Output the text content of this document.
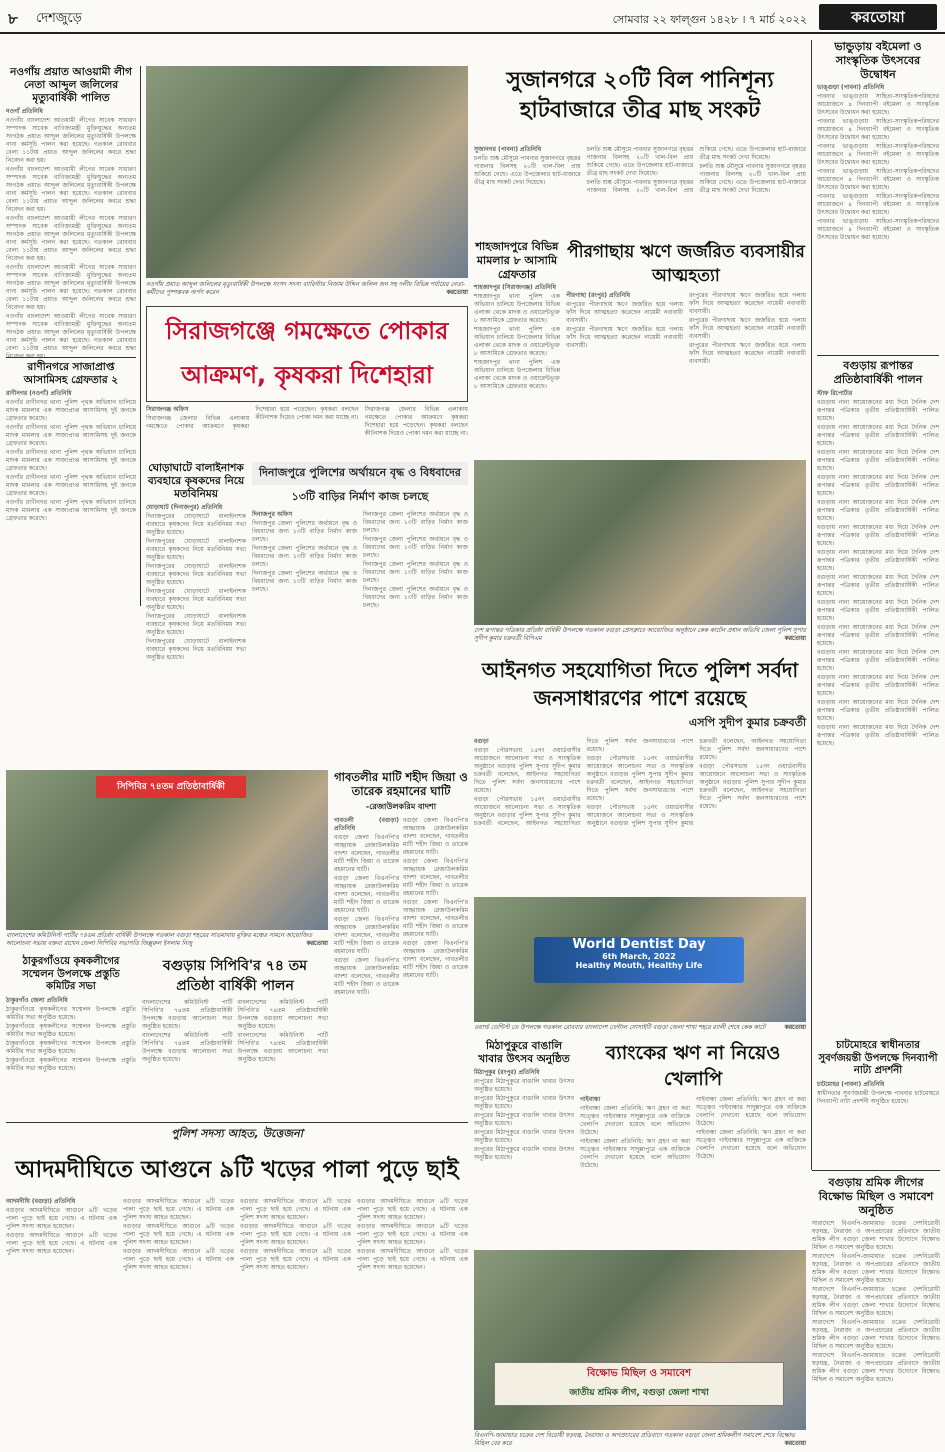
৮ দেশজুড়ে	সোমবার ২২ ফাল্গুন ১৪২৮ । ৭ মার্চ ২০২২	করতোয়া
নওগাঁয় প্রয়াত আওয়ামী লীগ নেতা আব্দুল জলিলের মৃত্যুবার্ষিকী পালিত

নওগাঁ প্রতিনিধি

নওগাঁয় বাংলাদেশ আওয়ামী লীগের সাবেক সাধারণ সম্পাদক সাবেক বাণিজ্যমন্ত্রী মুক্তিযুদ্ধের অন্যতম সংগঠক প্রয়াত আব্দুল জলিলের মৃত্যুবার্ষিকী উপলক্ষে নানা কর্মসূচি পালন করা হয়েছে। গতকাল রোববার বেলা ১১টায় প্রয়াত আব্দুল জলিলের কবরে শ্রদ্ধা নিবেদন করা হয়।

নওগাঁয় বাংলাদেশ আওয়ামী লীগের সাবেক সাধারণ সম্পাদক সাবেক বাণিজ্যমন্ত্রী মুক্তিযুদ্ধের অন্যতম সংগঠক প্রয়াত আব্দুল জলিলের মৃত্যুবার্ষিকী উপলক্ষে নানা কর্মসূচি পালন করা হয়েছে। গতকাল রোববার বেলা ১১টায় প্রয়াত আব্দুল জলিলের কবরে শ্রদ্ধা নিবেদন করা হয়।

নওগাঁয় বাংলাদেশ আওয়ামী লীগের সাবেক সাধারণ সম্পাদক সাবেক বাণিজ্যমন্ত্রী মুক্তিযুদ্ধের অন্যতম সংগঠক প্রয়াত আব্দুল জলিলের মৃত্যুবার্ষিকী উপলক্ষে নানা কর্মসূচি পালন করা হয়েছে। গতকাল রোববার বেলা ১১টায় প্রয়াত আব্দুল জলিলের কবরে শ্রদ্ধা নিবেদন করা হয়।

নওগাঁয় বাংলাদেশ আওয়ামী লীগের সাবেক সাধারণ সম্পাদক সাবেক বাণিজ্যমন্ত্রী মুক্তিযুদ্ধের অন্যতম সংগঠক প্রয়াত আব্দুল জলিলের মৃত্যুবার্ষিকী উপলক্ষে নানা কর্মসূচি পালন করা হয়েছে। গতকাল রোববার বেলা ১১টায় প্রয়াত আব্দুল জলিলের কবরে শ্রদ্ধা নিবেদন করা হয়।

নওগাঁয় বাংলাদেশ আওয়ামী লীগের সাবেক সাধারণ সম্পাদক সাবেক বাণিজ্যমন্ত্রী মুক্তিযুদ্ধের অন্যতম সংগঠক প্রয়াত আব্দুল জলিলের মৃত্যুবার্ষিকী উপলক্ষে নানা কর্মসূচি পালন করা হয়েছে। গতকাল রোববার বেলা ১১টায় প্রয়াত আব্দুল জলিলের কবরে শ্রদ্ধা

রাণীনগরে সাজাপ্রাপ্ত আসামিসহ গ্রেফতার ২

রাণীনগর (নওগাঁ) প্রতিনিধি

নওগাঁর রাণীনগর থানা পুলিশ পৃথক অভিযান চালিয়ে মাদক মামলার এক সাজাপ্রাপ্ত আসামিসহ দুই জনকে গ্রেফতার করেছে।

নওগাঁর রাণীনগর থানা পুলিশ পৃথক অভিযান চালিয়ে মাদক মামলার এক সাজাপ্রাপ্ত আসামিসহ দুই জনকে গ্রেফতার করেছে।

নওগাঁর রাণীনগর থানা পুলিশ পৃথক অভিযান চালিয়ে মাদক মামলার এক সাজাপ্রাপ্ত আসামিসহ দুই জনকে গ্রেফতার করেছে।

নওগাঁর রাণীনগর থানা পুলিশ পৃথক অভিযান চালিয়ে মাদক মামলার এক সাজাপ্রাপ্ত আসামিসহ দুই জনকে গ্রেফতার করেছে।

নওগাঁর রাণীনগর থানা পুলিশ পৃথক অভিযান চালিয়ে মাদক মামলার এক সাজাপ্রাপ্ত আসামিসহ দুই জনকে গ্রেফতার করেছে।

নওগাঁয় প্রয়াত আব্দুল জলিলের মৃত্যুবার্ষিকী উপলক্ষে সংসদ সদস্য ব্যারিস্টার নিজাম উদ্দিন জলিল জন সহ দলীয় বিভিন্ন পর্যায়ের নেতা-কর্মীদের পুষ্পস্তবক অর্পণ করেন	করতোয়া
সুজানগরে ২০টি বিল পানিশূন্য হাটবাজারে তীব্র মাছ সংকট

সুজানগর (পাবনা) প্রতিনিধি

চলতি শুষ্ক মৌসুমে পাবনার সুজানগরে বৃহত্তর গাজনার বিলসহ ২০টি খাল-বিল প্রায় শুকিয়ে গেছে। এতে উপজেলার হাট-বাজারে তীব্র মাছ সংকট দেখা দিয়েছে।

চলতি শুষ্ক মৌসুমে পাবনার সুজানগরে বৃহত্তর গাজনার বিলসহ ২০টি খাল-বিল প্রায় শুকিয়ে গেছে। এতে উপজেলার হাট-বাজারে তীব্র মাছ সংকট দেখা দিয়েছে।

চলতি শুষ্ক মৌসুমে পাবনার সুজানগরে বৃহত্তর গাজনার বিলসহ ২০টি খাল-বিল প্রায় শুকিয়ে গেছে। এতে উপজেলার হাট-বাজারে তীব্র মাছ সংকট দেখা দিয়েছে।

চলতি শুষ্ক মৌসুমে পাবনার সুজানগরে বৃহত্তর গাজনার বিলসহ ২০টি খাল-বিল প্রায় শুকিয়ে গেছে। এতে উপজেলার হাট-বাজারে তীব্র মাছ সংকট দেখা দিয়েছে।

শাহজাদপুরে বিভিন্ন মামলার ৮ আসামি গ্রেফতার

শাহজাদপুর (সিরাজগঞ্জ) প্রতিনিধি

শাহজাদপুর থানা পুলিশ এক অভিযান চালিয়ে উপজেলার বিভিন্ন এলাকা থেকে মাদক ও ওয়ারেন্টভূক্ত ৮ আসামিকে গ্রেফতার করেছে।

শাহজাদপুর থানা পুলিশ এক অভিযান চালিয়ে উপজেলার বিভিন্ন এলাকা থেকে মাদক ও ওয়ারেন্টভূক্ত ৮ আসামিকে গ্রেফতার করেছে।

শাহজাদপুর থানা পুলিশ এক অভিযান চালিয়ে উপজেলার বিভিন্ন এলাকা থেকে মাদক ও ওয়ারেন্টভূক্ত ৮ আসামিকে গ্রেফতার করেছে।

পীরগাছায় ঋণে জর্জরিত ব্যবসায়ীর আত্মহত্যা

পীরগাছা (রংপুর) প্রতিনিধি

রংপুরের পীরগাছায় ঋণে জর্জরিত হয়ে গলায় ফাঁস দিয়ে আত্মহত্যা করেছেন নায়েমী নবাবায়ী ব্যবসায়ী।

রংপুরের পীরগাছায় ঋণে জর্জরিত হয়ে গলায় ফাঁস দিয়ে আত্মহত্যা করেছেন নায়েমী নবাবায়ী ব্যবসায়ী।

রংপুরের পীরগাছায় ঋণে জর্জরিত হয়ে গলায় ফাঁস দিয়ে আত্মহত্যা করেছেন নায়েমী নবাবায়ী ব্যবসায়ী।

রংপুরের পীরগাছায় ঋণে জর্জরিত হয়ে গলায় ফাঁস দিয়ে আত্মহত্যা করেছেন নায়েমী নবাবায়ী ব্যবসায়ী।

রংপুরের পীরগাছায় ঋণে জর্জরিত হয়ে গলায় ফাঁস দিয়ে আত্মহত্যা করেছেন নায়েমী নবাবায়ী ব্যবসায়ী।

সিরাজগঞ্জে গমক্ষেতে পোকার আক্রমণ, কৃষকরা দিশেহারা

সিরাজগঞ্জ অফিস

সিরাজগঞ্জ জেলার বিভিন্ন এলাকায় গমক্ষেতে পোকার আক্রমণে কৃষকরা দিশেহারা হয়ে পড়েছেন। কৃষকরা বলছেন কীটনাশক দিয়েও পোকা দমন করা যাচ্ছে না।

সিরাজগঞ্জ জেলার বিভিন্ন এলাকায় গমক্ষেতে পোকার আক্রমণে কৃষকরা দিশেহারা হয়ে পড়েছেন। কৃষকরা বলছেন কীটনাশক দিয়েও পোকা দমন করা যাচ্ছে না।

ঘোড়াঘাটে বালাইনাশক ব্যবহারে কৃষকদের নিয়ে মতবিনিময়

ঘোড়াঘাট (দিনাজপুর) প্রতিনিধি

দিনাজপুরের ঘোড়াঘাটে বালাইনাশক ব্যবহারে কৃষকদের নিয়ে মতবিনিময় সভা অনুষ্ঠিত হয়েছে।

দিনাজপুরের ঘোড়াঘাটে বালাইনাশক ব্যবহারে কৃষকদের নিয়ে মতবিনিময় সভা অনুষ্ঠিত হয়েছে।

দিনাজপুরের ঘোড়াঘাটে বালাইনাশক ব্যবহারে কৃষকদের নিয়ে মতবিনিময় সভা অনুষ্ঠিত হয়েছে।

দিনাজপুরের ঘোড়াঘাটে বালাইনাশক ব্যবহারে কৃষকদের নিয়ে মতবিনিময় সভা অনুষ্ঠিত হয়েছে।

দিনাজপুরের ঘোড়াঘাটে বালাইনাশক ব্যবহারে কৃষকদের নিয়ে মতবিনিময় সভা অনুষ্ঠিত হয়েছে।

দিনাজপুরের ঘোড়াঘাটে বালাইনাশক ব্যবহারে কৃষকদের নিয়ে মতবিনিময় সভা অনুষ্ঠিত হয়েছে।

দিনাজপুরে পুলিশের অর্থায়নে বৃদ্ধ ও বিধবাদের
১৩টি বাড়ির নির্মাণ কাজ চলছে

দিনাজপুর অফিস

দিনাজপুর জেলা পুলিশের অর্থায়নে বৃদ্ধ ও বিধবাদের জন্য ১৩টি বাড়ির নির্মাণ কাজ চলছে।

দিনাজপুর জেলা পুলিশের অর্থায়নে বৃদ্ধ ও বিধবাদের জন্য ১৩টি বাড়ির নির্মাণ কাজ চলছে।

দিনাজপুর জেলা পুলিশের অর্থায়নে বৃদ্ধ ও বিধবাদের জন্য ১৩টি বাড়ির নির্মাণ কাজ চলছে।

দিনাজপুর জেলা পুলিশের অর্থায়নে বৃদ্ধ ও বিধবাদের জন্য ১৩টি বাড়ির নির্মাণ কাজ চলছে।

দিনাজপুর জেলা পুলিশের অর্থায়নে বৃদ্ধ ও বিধবাদের জন্য ১৩টি বাড়ির নির্মাণ কাজ চলছে।

দিনাজপুর জেলা পুলিশের অর্থায়নে বৃদ্ধ ও বিধবাদের জন্য ১৩টি বাড়ির নির্মাণ কাজ চলছে।

দিনাজপুর জেলা পুলিশের অর্থায়নে বৃদ্ধ ও বিধবাদের জন্য ১৩টি বাড়ির নির্মাণ কাজ চলছে।

দেশ রূপান্তর পত্রিকার প্রতিষ্ঠা বার্ষিকী উপলক্ষে গতকাল বগুড়া প্রেসক্লাবে আয়োজিত অনুষ্ঠানে কেক কাটেন প্রধান অতিথি জেলা পুলিশ সুপার সুদীপ কুমার চক্রবর্তী বিপিএম	করতোয়া
ভান্ডুড়ায় বইমেলা ও সাংস্কৃতিক উৎসবের উদ্বোধন

ভাঙ্গুড়া (পাবনা) প্রতিনিধি

পাবনার ভাঙ্গুড়ায় সাহিত্য-সাংস্কৃতিকপরিষদের আয়োজনে ৪ দিনব্যাপী বইমেলা ও সাংস্কৃতিক উৎসবের উদ্বোধন করা হয়েছে।

পাবনার ভাঙ্গুড়ায় সাহিত্য-সাংস্কৃতিকপরিষদের আয়োজনে ৪ দিনব্যাপী বইমেলা ও সাংস্কৃতিক উৎসবের উদ্বোধন করা হয়েছে।

পাবনার ভাঙ্গুড়ায় সাহিত্য-সাংস্কৃতিকপরিষদের আয়োজনে ৪ দিনব্যাপী বইমেলা ও সাংস্কৃতিক উৎসবের উদ্বোধন করা হয়েছে।

পাবনার ভাঙ্গুড়ায় সাহিত্য-সাংস্কৃতিকপরিষদের আয়োজনে ৪ দিনব্যাপী বইমেলা ও সাংস্কৃতিক উৎসবের উদ্বোধন করা হয়েছে।

পাবনার ভাঙ্গুড়ায় সাহিত্য-সাংস্কৃতিকপরিষদের আয়োজনে ৪ দিনব্যাপী বইমেলা ও সাংস্কৃতিক উৎসবের উদ্বোধন করা হয়েছে।

পাবনার ভাঙ্গুড়ায় সাহিত্য-সাংস্কৃতিকপরিষদের আয়োজনে ৪ দিনব্যাপী বইমেলা ও সাংস্কৃতিক উৎসবের উদ্বোধন করা হয়েছে।

বগুড়ায় রূপান্তর প্রতিষ্ঠাবার্ষিকী পালন

স্টাফ রিপোর্টার

বগুড়ায় নানা আয়োজনের মধ্য দিয়ে দৈনিক দেশ রূপান্তর পত্রিকার তৃতীয় প্রতিষ্ঠাবার্ষিকী পালিত হয়েছে।

বগুড়ায় নানা আয়োজনের মধ্য দিয়ে দৈনিক দেশ রূপান্তর পত্রিকার তৃতীয় প্রতিষ্ঠাবার্ষিকী পালিত হয়েছে।

বগুড়ায় নানা আয়োজনের মধ্য দিয়ে দৈনিক দেশ রূপান্তর পত্রিকার তৃতীয় প্রতিষ্ঠাবার্ষিকী পালিত হয়েছে।

বগুড়ায় নানা আয়োজনের মধ্য দিয়ে দৈনিক দেশ রূপান্তর পত্রিকার তৃতীয় প্রতিষ্ঠাবার্ষিকী পালিত হয়েছে।

বগুড়ায় নানা আয়োজনের মধ্য দিয়ে দৈনিক দেশ রূপান্তর পত্রিকার তৃতীয় প্রতিষ্ঠাবার্ষিকী পালিত হয়েছে।

বগুড়ায় নানা আয়োজনের মধ্য দিয়ে দৈনিক দেশ রূপান্তর পত্রিকার তৃতীয় প্রতিষ্ঠাবার্ষিকী পালিত হয়েছে।

বগুড়ায় নানা আয়োজনের মধ্য দিয়ে দৈনিক দেশ রূপান্তর পত্রিকার তৃতীয় প্রতিষ্ঠাবার্ষিকী পালিত হয়েছে।

বগুড়ায় নানা আয়োজনের মধ্য দিয়ে দৈনিক দেশ রূপান্তর পত্রিকার তৃতীয় প্রতিষ্ঠাবার্ষিকী পালিত হয়েছে।

বগুড়ায় নানা আয়োজনের মধ্য দিয়ে দৈনিক দেশ রূপান্তর পত্রিকার তৃতীয় প্রতিষ্ঠাবার্ষিকী পালিত হয়েছে।

বগুড়ায় নানা আয়োজনের মধ্য দিয়ে দৈনিক দেশ রূপান্তর পত্রিকার তৃতীয় প্রতিষ্ঠাবার্ষিকী পালিত হয়েছে।

বগুড়ায় নানা আয়োজনের মধ্য দিয়ে দৈনিক দেশ রূপান্তর পত্রিকার তৃতীয় প্রতিষ্ঠাবার্ষিকী পালিত হয়েছে।

বগুড়ায় নানা আয়োজনের মধ্য দিয়ে দৈনিক দেশ রূপান্তর পত্রিকার তৃতীয় প্রতিষ্ঠাবার্ষিকী পালিত হয়েছে।

বগুড়ায় নানা আয়োজনের মধ্য দিয়ে দৈনিক দেশ রূপান্তর পত্রিকার তৃতীয় প্রতিষ্ঠাবার্ষিকী পালিত হয়েছে।

বগুড়ায় নানা আয়োজনের মধ্য দিয়ে দৈনিক দেশ রূপান্তর পত্রিকার তৃতীয় প্রতিষ্ঠাবার্ষিকী পালিত হয়েছে।

চাটমোহরে স্বাধীনতার সুবর্ণজয়ন্তী উপলক্ষে দিনব্যাপী নাট্য প্রদর্শনী

চাটমোহর (পাবনা) প্রতিনিধি

স্বাধীনতার সুবর্ণজয়ন্তী উপলক্ষে পাবনার চাটমোহরে দিনব্যাপী নাট্য প্রদর্শনী অনুষ্ঠিত হয়েছে।

আইনগত সহযোগিতা দিতে পুলিশ সর্বদা জনসাধারণের পাশে রয়েছে
এসপি সুদীপ কুমার চক্রবর্তী

বগুড়া

বগুড়া পৌরসভায় ১৫নং ওয়ার্ডবাসীর আয়োজনে আলোচনা সভা ও সাংস্কৃতিক অনুষ্ঠানে বগুড়ার পুলিশ সুপার সুদীপ কুমার চক্রবর্তী বলেছেন, আইনগত সহযোগিতা দিতে পুলিশ সর্বদা জনসাধারণের পাশে রয়েছে।

বগুড়া পৌরসভায় ১৫নং ওয়ার্ডবাসীর আয়োজনে আলোচনা সভা ও সাংস্কৃতিক অনুষ্ঠানে বগুড়ার পুলিশ সুপার সুদীপ কুমার চক্রবর্তী বলেছেন, আইনগত সহযোগিতা দিতে পুলিশ সর্বদা জনসাধারণের পাশে রয়েছে।

বগুড়া পৌরসভায় ১৫নং ওয়ার্ডবাসীর আয়োজনে আলোচনা সভা ও সাংস্কৃতিক অনুষ্ঠানে বগুড়ার পুলিশ সুপার সুদীপ কুমার চক্রবর্তী বলেছেন, আইনগত সহযোগিতা দিতে পুলিশ সর্বদা জনসাধারণের পাশে রয়েছে।

বগুড়া পৌরসভায় ১৫নং ওয়ার্ডবাসীর আয়োজনে আলোচনা সভা ও সাংস্কৃতিক অনুষ্ঠানে বগুড়ার পুলিশ সুপার সুদীপ কুমার চক্রবর্তী বলেছেন, আইনগত সহযোগিতা দিতে পুলিশ সর্বদা জনসাধারণের পাশে রয়েছে।

বগুড়া পৌরসভায় ১৫নং ওয়ার্ডবাসীর আয়োজনে আলোচনা সভা ও সাংস্কৃতিক অনুষ্ঠানে বগুড়ার পুলিশ সুপার সুদীপ কুমার চক্রবর্তী বলেছেন, আইনগত সহযোগিতা দিতে পুলিশ সর্বদা জনসাধারণের পাশে রয়েছে।

সিপিবির ৭৪তম প্রতিষ্ঠাবার্ষিকী
বাংলাদেশের কমিউনিস্ট পার্টির ৭৪তম প্রতিষ্ঠা বার্ষিকী উপলক্ষে গতকাল বগুড়া শহরের সাতমাথায় মুক্তির মঞ্চের সামনে আয়োজিত আলোচনা সভায় বক্তব্য রাখেন জেলা সিপিবির সভাপতি জিল্লুরুল ইসলাম নিজু	করতোয়া
গাবতলীর মাটি শহীদ জিয়া ও তারেক রহমানের ঘাটি
-রেজাউলকরিম বাদশা

গাবতলী (বগুড়া) প্রতিনিধি

বগুড়া জেলা বিএনপি'র আহ্বায়ক রেজাউলকরিম বাদশা বলেছেন, গাবতলীর মাটি শহীদ জিয়া ও তারেক রহমানের ঘাটি।

বগুড়া জেলা বিএনপি'র আহ্বায়ক রেজাউলকরিম বাদশা বলেছেন, গাবতলীর মাটি শহীদ জিয়া ও তারেক রহমানের ঘাটি।

বগুড়া জেলা বিএনপি'র আহ্বায়ক রেজাউলকরিম বাদশা বলেছেন, গাবতলীর মাটি শহীদ জিয়া ও তারেক রহমানের ঘাটি।

বগুড়া জেলা বিএনপি'র আহ্বায়ক রেজাউলকরিম বাদশা বলেছেন, গাবতলীর মাটি শহীদ জিয়া ও তারেক রহমানের ঘাটি।

বগুড়া জেলা বিএনপি'র আহ্বায়ক রেজাউলকরিম বাদশা বলেছেন, গাবতলীর মাটি শহীদ জিয়া ও তারেক রহমানের ঘাটি।

বগুড়া জেলা বিএনপি'র আহ্বায়ক রেজাউলকরিম বাদশা বলেছেন, গাবতলীর মাটি শহীদ জিয়া ও তারেক রহমানের ঘাটি।

বগুড়া জেলা বিএনপি'র আহ্বায়ক রেজাউলকরিম বাদশা বলেছেন, গাবতলীর মাটি শহীদ জিয়া ও তারেক রহমানের ঘাটি।

বগুড়া জেলা বিএনপি'র আহ্বায়ক রেজাউলকরিম বাদশা বলেছেন, গাবতলীর মাটি শহীদ জিয়া ও তারেক রহমানের ঘাটি।

World Dentist Day
6th March, 2022
Healthy Mouth, Healthy Life
ওয়ার্ল্ড ডেন্টিস্ট ডে উপলক্ষে গতকাল রোববার বাংলাদেশ ডেন্টাল সোসাইটি বগুড়া জেলা শাখা শহরে র‍্যালী শেষে কেক কাটে	করতোয়া
ঠাকুরগাঁওয়ে কৃষকলীগের সম্মেলন উপলক্ষে প্রস্তুতি কমিটির সভা

ঠাকুরগাঁও জেলা প্রতিনিধি

ঠাকুরগাঁওয়ে কৃষকলীগের সম্মেলন উপলক্ষে প্রস্তুতি কমিটির সভা অনুষ্ঠিত হয়েছে।

ঠাকুরগাঁওয়ে কৃষকলীগের সম্মেলন উপলক্ষে প্রস্তুতি কমিটির সভা অনুষ্ঠিত হয়েছে।

ঠাকুরগাঁওয়ে কৃষকলীগের সম্মেলন উপলক্ষে প্রস্তুতি কমিটির সভা অনুষ্ঠিত হয়েছে।

ঠাকুরগাঁওয়ে কৃষকলীগের সম্মেলন উপলক্ষে প্রস্তুতি কমিটির সভা অনুষ্ঠিত হয়েছে।

বগুড়ায় সিপিবি'র ৭৪ তম প্রতিষ্ঠা বার্ষিকী পালন

বাংলাদেশের কমিউনিস্ট পার্টি সিপিবি'র ৭৪তম প্রতিষ্ঠাবার্ষিকী উপলক্ষে বগুড়ায় আলোচনা সভা অনুষ্ঠিত হয়েছে।

বাংলাদেশের কমিউনিস্ট পার্টি সিপিবি'র ৭৪তম প্রতিষ্ঠাবার্ষিকী উপলক্ষে বগুড়ায় আলোচনা সভা অনুষ্ঠিত হয়েছে।

বাংলাদেশের কমিউনিস্ট পার্টি সিপিবি'র ৭৪তম প্রতিষ্ঠাবার্ষিকী উপলক্ষে বগুড়ায় আলোচনা সভা অনুষ্ঠিত হয়েছে।

বাংলাদেশের কমিউনিস্ট পার্টি সিপিবি'র ৭৪তম প্রতিষ্ঠাবার্ষিকী উপলক্ষে বগুড়ায় আলোচনা সভা অনুষ্ঠিত হয়েছে।

পুলিশ সদস্য আহত, উত্তেজনা
আদমদীঘিতে আগুনে ৯টি খড়ের পালা পুড়ে ছাই

আদমদীঘি (বগুড়া) প্রতিনিধি

বগুড়ার আদমদীঘিতে আগুনে ৯টি খড়ের পালা পুড়ে ছাই হয়ে গেছে। এ ঘটনায় এক পুলিশ সদস্য আহত হয়েছেন।

বগুড়ার আদমদীঘিতে আগুনে ৯টি খড়ের পালা পুড়ে ছাই হয়ে গেছে। এ ঘটনায় এক পুলিশ সদস্য আহত হয়েছেন।

বগুড়ার আদমদীঘিতে আগুনে ৯টি খড়ের পালা পুড়ে ছাই হয়ে গেছে। এ ঘটনায় এক পুলিশ সদস্য আহত হয়েছেন।

বগুড়ার আদমদীঘিতে আগুনে ৯টি খড়ের পালা পুড়ে ছাই হয়ে গেছে। এ ঘটনায় এক পুলিশ সদস্য আহত হয়েছেন।

বগুড়ার আদমদীঘিতে আগুনে ৯টি খড়ের পালা পুড়ে ছাই হয়ে গেছে। এ ঘটনায় এক পুলিশ সদস্য আহত হয়েছেন।

বগুড়ার আদমদীঘিতে আগুনে ৯টি খড়ের পালা পুড়ে ছাই হয়ে গেছে। এ ঘটনায় এক পুলিশ সদস্য আহত হয়েছেন।

বগুড়ার আদমদীঘিতে আগুনে ৯টি খড়ের পালা পুড়ে ছাই হয়ে গেছে। এ ঘটনায় এক পুলিশ সদস্য আহত হয়েছেন।

বগুড়ার আদমদীঘিতে আগুনে ৯টি খড়ের পালা পুড়ে ছাই হয়ে গেছে। এ ঘটনায় এক পুলিশ সদস্য আহত হয়েছেন।

বগুড়ার আদমদীঘিতে আগুনে ৯টি খড়ের পালা পুড়ে ছাই হয়ে গেছে। এ ঘটনায় এক পুলিশ সদস্য আহত হয়েছেন।

বগুড়ার আদমদীঘিতে আগুনে ৯টি খড়ের পালা পুড়ে ছাই হয়ে গেছে। এ ঘটনায় এক পুলিশ সদস্য আহত হয়েছেন।

বগুড়ার আদমদীঘিতে আগুনে ৯টি খড়ের পালা পুড়ে ছাই হয়ে গেছে। এ ঘটনায় এক পুলিশ সদস্য আহত হয়েছেন।

মিঠাপুকুরে বাঙালি খাবার উৎসব অনুষ্ঠিত

মিঠাপুকুর (রংপুর) প্রতিনিধি

রংপুরের মিঠাপুকুরে বাঙালি খাবার উৎসব অনুষ্ঠিত হয়েছে।

রংপুরের মিঠাপুকুরে বাঙালি খাবার উৎসব অনুষ্ঠিত হয়েছে।

রংপুরের মিঠাপুকুরে বাঙালি খাবার উৎসব অনুষ্ঠিত হয়েছে।

রংপুরের মিঠাপুকুরে বাঙালি খাবার উৎসব অনুষ্ঠিত হয়েছে।

রংপুরের মিঠাপুকুরে বাঙালি খাবার উৎসব অনুষ্ঠিত হয়েছে।

ব্যাংকের ঋণ না নিয়েও খেলাপি

গাইবান্ধা

গাইবান্ধা জেলা প্রতিনিধি: ঋণ গ্রহণ না করা সত্ত্বেও গাইবান্ধার সাদুল্লাপুরে এক ব্যক্তিকে খেলাপি দেখানো হয়েছে বলে অভিযোগ উঠেছে।

গাইবান্ধা জেলা প্রতিনিধি: ঋণ গ্রহণ না করা সত্ত্বেও গাইবান্ধার সাদুল্লাপুরে এক ব্যক্তিকে খেলাপি দেখানো হয়েছে বলে অভিযোগ উঠেছে।

গাইবান্ধা জেলা প্রতিনিধি: ঋণ গ্রহণ না করা সত্ত্বেও গাইবান্ধার সাদুল্লাপুরে এক ব্যক্তিকে খেলাপি দেখানো হয়েছে বলে অভিযোগ উঠেছে।

গাইবান্ধা জেলা প্রতিনিধি: ঋণ গ্রহণ না করা সত্ত্বেও গাইবান্ধার সাদুল্লাপুরে এক ব্যক্তিকে খেলাপি দেখানো হয়েছে বলে অভিযোগ উঠেছে।

বিক্ষোভ মিছিল ও সমাবেশ
জাতীয় শ্রমিক লীগ, বগুড়া জেলা শাখা
বিএনপি-জামায়াত চক্রের দেশ বিরোধী ষড়যন্ত্র, নৈরাজ্য ও অপপ্রচারের প্রতিবাদে গতকাল বগুড়া জেলা শ্রমিকলীগ সমাবেশ শেষে বিক্ষোভ মিছিল বের করে	করতোয়া
বগুড়ায় শ্রমিক লীগের বিক্ষোভ মিছিল ও সমাবেশ অনুষ্ঠিত

সারাদেশে বিএনপি-জামায়াত চক্রের দেশবিরোধী ষড়যন্ত্র, নৈরাজ্য ও অপপ্রচারের প্রতিবাদে জাতীয় শ্রমিক লীগ বগুড়া জেলা শাখার উদ্যোগে বিক্ষোভ মিছিল ও সমাবেশ অনুষ্ঠিত হয়েছে।

সারাদেশে বিএনপি-জামায়াত চক্রের দেশবিরোধী ষড়যন্ত্র, নৈরাজ্য ও অপপ্রচারের প্রতিবাদে জাতীয় শ্রমিক লীগ বগুড়া জেলা শাখার উদ্যোগে বিক্ষোভ মিছিল ও সমাবেশ অনুষ্ঠিত হয়েছে।

সারাদেশে বিএনপি-জামায়াত চক্রের দেশবিরোধী ষড়যন্ত্র, নৈরাজ্য ও অপপ্রচারের প্রতিবাদে জাতীয় শ্রমিক লীগ বগুড়া জেলা শাখার উদ্যোগে বিক্ষোভ মিছিল ও সমাবেশ অনুষ্ঠিত হয়েছে।

সারাদেশে বিএনপি-জামায়াত চক্রের দেশবিরোধী ষড়যন্ত্র, নৈরাজ্য ও অপপ্রচারের প্রতিবাদে জাতীয় শ্রমিক লীগ বগুড়া জেলা শাখার উদ্যোগে বিক্ষোভ মিছিল ও সমাবেশ অনুষ্ঠিত হয়েছে।

সারাদেশে বিএনপি-জামায়াত চক্রের দেশবিরোধী ষড়যন্ত্র, নৈরাজ্য ও অপপ্রচারের প্রতিবাদে জাতীয় শ্রমিক লীগ বগুড়া জেলা শাখার উদ্যোগে বিক্ষোভ মিছিল ও সমাবেশ অনুষ্ঠিত হয়েছে।
